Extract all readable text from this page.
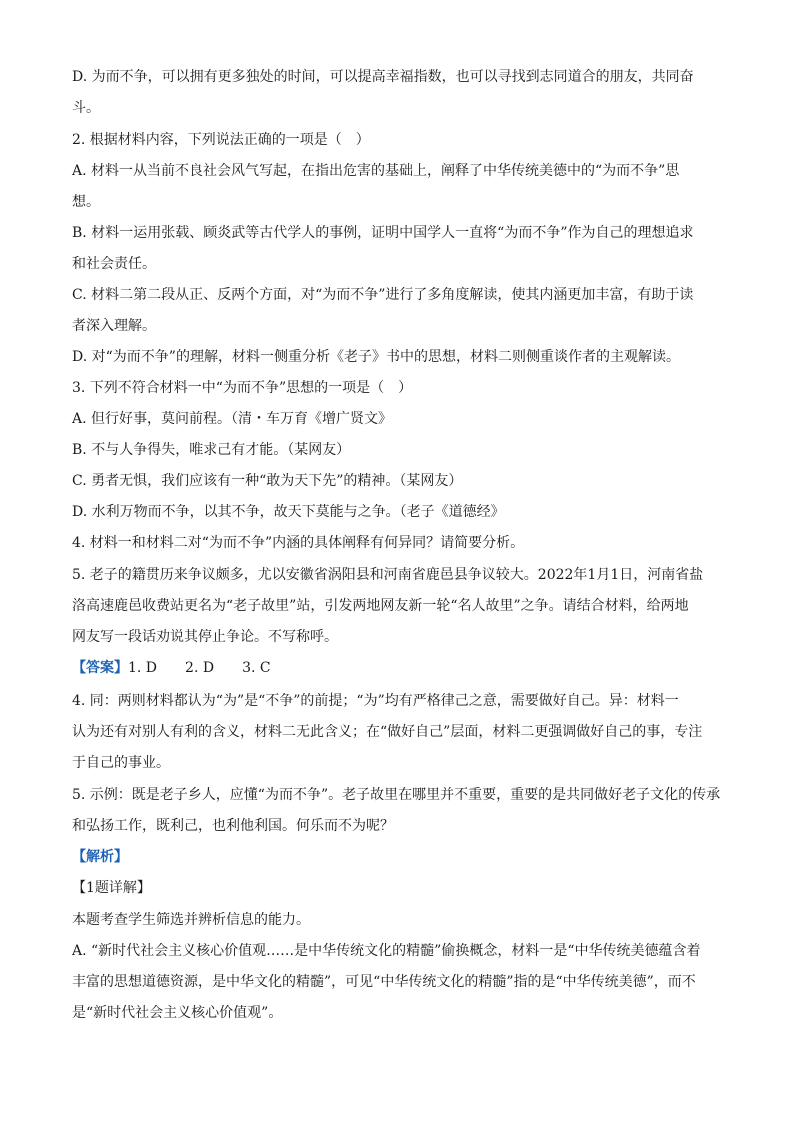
D. 为而不争，可以拥有更多独处的时间，可以提高幸福指数，也可以寻找到志同道合的朋友，共同奋
斗。
2. 根据材料内容，下列说法正确的一项是（　）
A. 材料一从当前不良社会风气写起，在指出危害的基础上，阐释了中华传统美德中的“为而不争”思
想。
B. 材料一运用张载、顾炎武等古代学人的事例，证明中国学人一直将“为而不争”作为自己的理想追求
和社会责任。
C. 材料二第二段从正、反两个方面，对“为而不争”进行了多角度解读，使其内涵更加丰富，有助于读
者深入理解。
D. 对“为而不争”的理解，材料一侧重分析《老子》书中的思想，材料二则侧重谈作者的主观解读。
3. 下列不符合材料一中“为而不争”思想的一项是（　）
A. 但行好事，莫问前程。（清・车万育《增广贤文》
B. 不与人争得失，唯求己有才能。（某网友）
C. 勇者无惧，我们应该有一种“敢为天下先”的精神。（某网友）
D. 水利万物而不争，以其不争，故天下莫能与之争。（老子《道德经》
4. 材料一和材料二对“为而不争”内涵的具体阐释有何异同？请简要分析。
5. 老子的籍贯历来争议颇多，尤以安徽省涡阳县和河南省鹿邑县争议较大。2022年1月1日，河南省盐
洛高速鹿邑收费站更名为“老子故里”站，引发两地网友新一轮“名人故里”之争。请结合材料，给两地
网友写一段话劝说其停止争论。不写称呼。
【答案】1. D　　2. D　　3. C
4. 同：两则材料都认为“为”是“不争”的前提；“为”均有严格律己之意，需要做好自己。异：材料一
认为还有对别人有利的含义，材料二无此含义；在“做好自己”层面，材料二更强调做好自己的事，专注
于自己的事业。
5. 示例：既是老子乡人，应懂“为而不争”。老子故里在哪里并不重要，重要的是共同做好老子文化的传承
和弘扬工作，既利己，也利他利国。何乐而不为呢？
【解析】
【1题详解】
本题考查学生筛选并辨析信息的能力。
A. “新时代社会主义核心价值观……是中华传统文化的精髓”偷换概念，材料一是“中华传统美德蕴含着
丰富的思想道德资源，是中华文化的精髓”，可见“中华传统文化的精髓”指的是“中华传统美德”，而不
是“新时代社会主义核心价值观”。
